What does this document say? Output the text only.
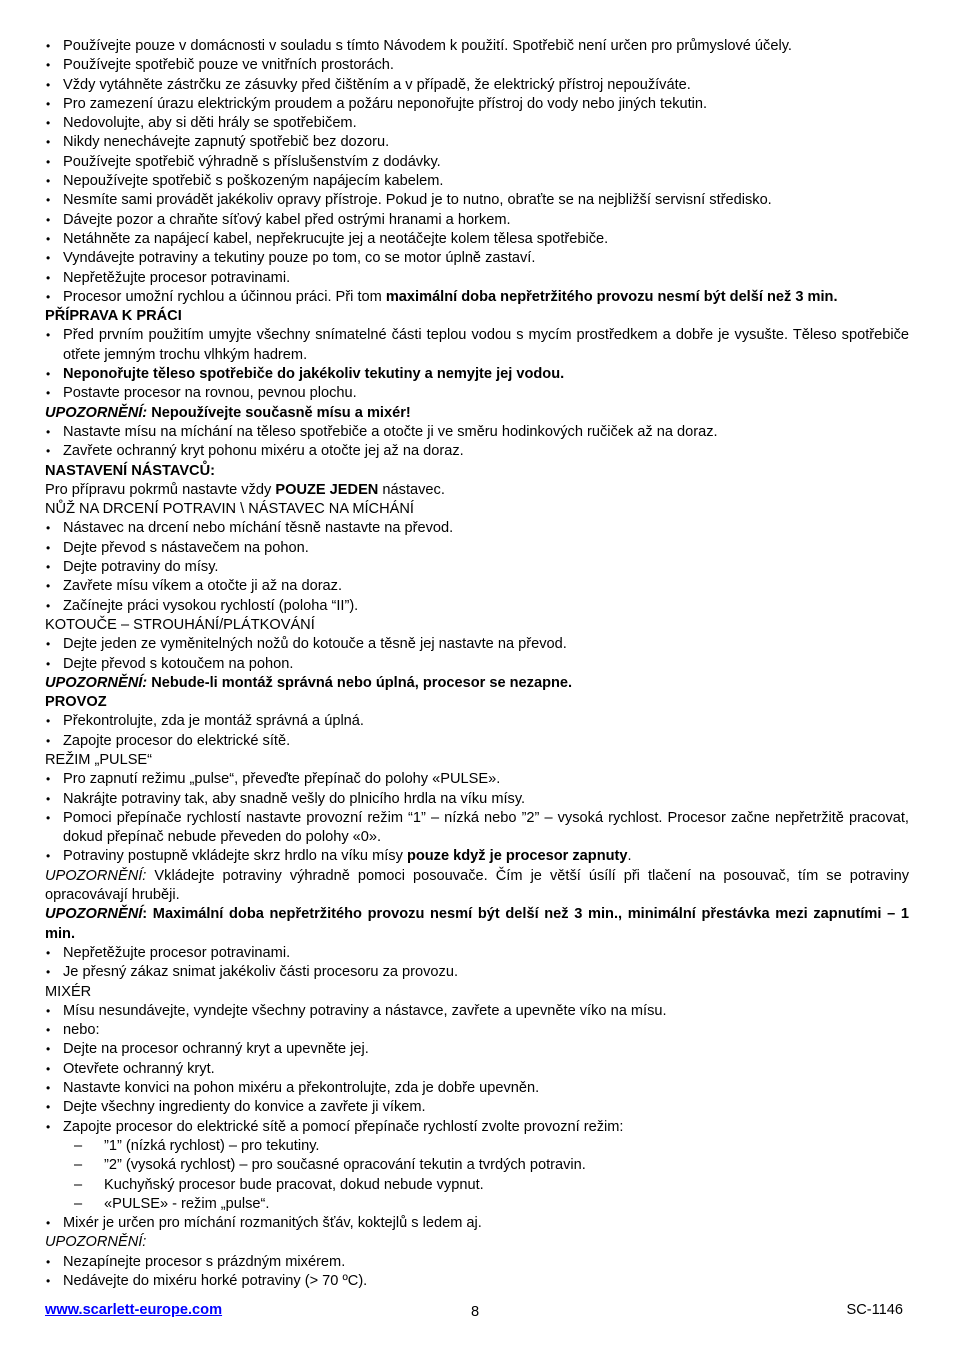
• Používejte pouze v domácnosti v souladu s tímto Návodem k použití. Spotřebič není určen pro průmyslové účely.
• Používejte spotřebič pouze ve vnitřních prostorách.
• Vždy vytáhněte zástrčku ze zásuvky před čištěním a v případě, že elektrický přístroj nepoužíváte.
• Pro zamezení úrazu elektrickým proudem a požáru neponořujte přístroj do vody nebo jiných tekutin.
• Nedovolujte, aby si děti hrály se spotřebičem.
• Nikdy nenechávejte zapnutý spotřebič bez dozoru.
• Používejte spotřebič výhradně s příslušenstvím z dodávky.
• Nepoužívejte spotřebič s poškozeným napájecím kabelem.
• Nesmíte sami provádět jakékoliv opravy přístroje. Pokud je to nutno, obraťte se na nejbližší servisní středisko.
• Dávejte pozor a chraňte síťový kabel před ostrými hranami a horkem.
• Netáhněte za napájecí kabel, nepřekrucujte jej a neotáčejte kolem tělesa spotřebiče.
• Vyndávejte potraviny a tekutiny pouze po tom, co se motor úplně zastaví.
• Nepřetěžujte procesor potravinami.
• Procesor umožní rychlou a účinnou práci. Při tom maximální doba nepřetržitého provozu nesmí být delší než 3 min.
PŘÍPRAVA K PRÁCI
• Před prvním použitím umyjte všechny snímatelné části teplou vodou s mycím prostředkem a dobře je vysušte. Těleso spotřebiče otřete jemným trochu vlhkým hadrem.
• Neponořujte těleso spotřebiče do jakékoliv tekutiny a nemyjte jej vodou.
• Postavte procesor na rovnou, pevnou plochu.
UPOZORNĚNÍ: Nepoužívejte současně mísu a mixér!
• Nastavte mísu na míchání na těleso spotřebiče a otočte ji ve směru hodinkových ručiček až na doraz.
• Zavřete ochranný kryt pohonu mixéru a otočte jej až na doraz.
NASTAVENÍ NÁSTAVCŮ:
Pro přípravu pokrmů nastavte vždy POUZE JEDEN nástavec.
NŮŽ NA DRCENÍ POTRAVIN \ NÁSTAVEC NA MÍCHÁNÍ
• Nástavec na drcení nebo míchání těsně nastavte na převod.
• Dejte převod s nástavečem na pohon.
• Dejte potraviny do mísy.
• Zavřete mísu víkem a otočte ji až na doraz.
• Začínejte práci vysokou rychlostí (poloha “II”).
KOTOUČE – STROUHÁNÍ/PLÁTKOVÁNÍ
• Dejte jeden ze vyměnitelných nožů do kotouče a těsně jej nastavte na převod.
• Dejte převod s kotoučem na pohon.
UPOZORNĚNÍ: Nebude-li montáž správná nebo úplná, procesor se nezapne.
PROVOZ
• Překontrolujte, zda je montáž správná a úplná.
• Zapojte procesor do elektrické sítě.
REŽIM „PULSE“
• Pro zapnutí režimu „pulse“, převeďte přepínač do polohy «PULSE».
• Nakrájte potraviny tak, aby snadně vešly do plnicího hrdla na víku mísy.
• Pomoci přepínače rychlostí nastavte provozní režim “1” – nízká nebo ”2” – vysoká rychlost. Procesor začne nepřetržitě pracovat, dokud přepínač nebude převeden do polohy «0».
• Potraviny postupně vkládejte skrz hrdlo na víku mísy pouze když je procesor zapnuty.
UPOZORNĚNÍ: Vkládejte potraviny výhradně pomoci posouvače. Čím je větší úsílí při tlačení na posouvač, tím se potraviny opracovávají hruběji.
UPOZORNĚNÍ: Maximální doba nepřetržitého provozu nesmí být delší než 3 min., minimální přestávka mezi zapnutími – 1 min.
• Nepřetěžujte procesor potravinami.
• Je přesný zákaz snimat jakékoliv části procesoru za provozu.
MIXÉR
• Mísu nesundávejte, vyndejte všechny potraviny a nástavce, zavřete a upevněte víko na mísu.
• nebo:
• Dejte na procesor ochranný kryt a upevněte jej.
• Otevřete ochranný kryt.
• Nastavte konvici na pohon mixéru a překontrolujte, zda je dobře upevněn.
• Dejte všechny ingredienty do konvice a zavřete ji víkem.
• Zapojte procesor do elektrické sítě a pomocí přepínače rychlostí zvolte provozní režim:
– ”1” (nízká rychlost) – pro tekutiny.
– ”2” (vysoká rychlost) – pro současné opracování tekutin a tvrdých potravin.
– Kuchyňský procesor bude pracovat, dokud nebude vypnut.
– «PULSE» - režim „pulse“.
• Mixér je určen pro míchání rozmanitých šťáv, koktejlů s ledem aj.
UPOZORNĚNÍ:
• Nezapínejte procesor s prázdným mixérem.
• Nedávejte do mixéru horké potraviny (> 70 ºC).
www.scarlett-europe.com	8	SC-1146
